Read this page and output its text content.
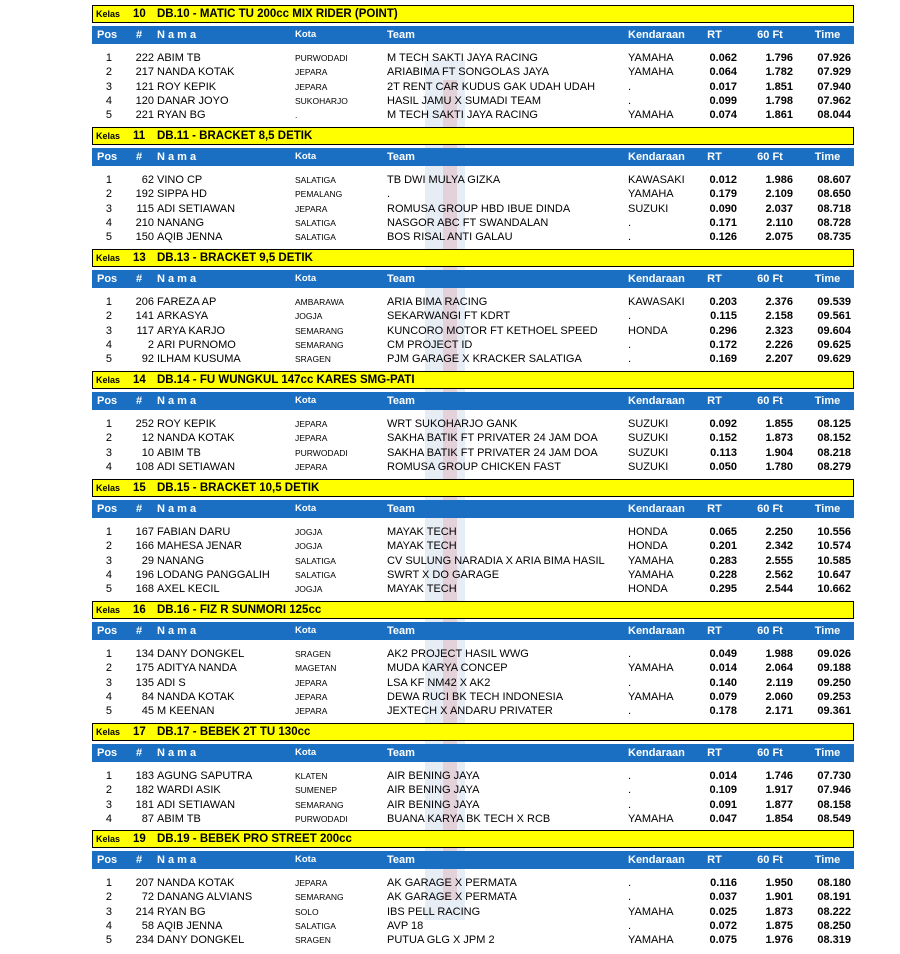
Kelas 10 DB.10 - MATIC TU 200cc MIX RIDER (POINT)
Pos # N a m a	Kota	Team	Kendaraan	RT	60 Ft	Time
1	222 ABIM TB	PURWODADI	M TECH SAKTI JAYA RACING	YAMAHA	0.062	1.796	07.926
2	217 NANDA KOTAK	JEPARA	ARIABIMA FT SONGOLAS JAYA	YAMAHA	0.064	1.782	07.929
3	121 ROY KEPIK	JEPARA	2T RENT CAR KUDUS GAK UDAH UDAH	.	0.017	1.851	07.940
4	120 DANAR JOYO	SUKOHARJO	HASIL JAMU X SUMADI TEAM	.	0.099	1.798	07.962
5	221 RYAN BG	.	M TECH SAKTI JAYA RACING	YAMAHA	0.074	1.861	08.044
Kelas 11 DB.11 - BRACKET 8,5 DETIK
Pos # N a m a	Kota	Team	Kendaraan	RT	60 Ft	Time
1	62 VINO CP	SALATIGA	TB DWI MULYA GIZKA	KAWASAKI	0.012	1.986	08.607
2	192 SIPPA HD	PEMALANG	.	YAMAHA	0.179	2.109	08.650
3	115 ADI SETIAWAN	JEPARA	ROMUSA GROUP HBD IBUE DINDA	SUZUKI	0.090	2.037	08.718
4	210 NANANG	SALATIGA	NASGOR ABC FT SWANDALAN	.	0.171	2.110	08.728
5	150 AQIB JENNA	SALATIGA	BOS RISAL ANTI GALAU	.	0.126	2.075	08.735
Kelas 13 DB.13 - BRACKET 9,5 DETIK
Pos # N a m a	Kota	Team	Kendaraan	RT	60 Ft	Time
1	206 FAREZA AP	AMBARAWA	ARIA BIMA RACING	KAWASAKI	0.203	2.376	09.539
2	141 ARKASYA	JOGJA	SEKARWANGI FT KDRT	.	0.115	2.158	09.561
3	117 ARYA KARJO	SEMARANG	KUNCORO MOTOR FT KETHOEL SPEED	HONDA	0.296	2.323	09.604
4	2 ARI PURNOMO	SEMARANG	CM PROJECT ID	.	0.172	2.226	09.625
5	92 ILHAM KUSUMA	SRAGEN	PJM GARAGE X KRACKER SALATIGA	.	0.169	2.207	09.629
Kelas 14 DB.14 - FU WUNGKUL 147cc KARES SMG-PATI
Pos # N a m a	Kota	Team	Kendaraan	RT	60 Ft	Time
1	252 ROY KEPIK	JEPARA	WRT SUKOHARJO GANK	SUZUKI	0.092	1.855	08.125
2	12 NANDA KOTAK	JEPARA	SAKHA BATIK FT PRIVATER 24 JAM DOA	SUZUKI	0.152	1.873	08.152
3	10 ABIM TB	PURWODADI	SAKHA BATIK FT PRIVATER 24 JAM DOA	SUZUKI	0.113	1.904	08.218
4	108 ADI SETIAWAN	JEPARA	ROMUSA GROUP CHICKEN FAST	SUZUKI	0.050	1.780	08.279
Kelas 15 DB.15 - BRACKET 10,5 DETIK
Pos # N a m a	Kota	Team	Kendaraan	RT	60 Ft	Time
1	167 FABIAN DARU	JOGJA	MAYAK TECH	HONDA	0.065	2.250	10.556
2	166 MAHESA JENAR	JOGJA	MAYAK TECH	HONDA	0.201	2.342	10.574
3	29 NANANG	SALATIGA	CV SULUNG NARADIA X ARIA BIMA HASIL YAMAHA	0.283	2.555	10.585
4	196 LODANG PANGGALIH	SALATIGA	SWRT X DO GARAGE	YAMAHA	0.228	2.562	10.647
5	168 AXEL KECIL	JOGJA	MAYAK TECH	HONDA	0.295	2.544	10.662
Kelas 16 DB.16 - FIZ R SUNMORI 125cc
Pos # N a m a	Kota	Team	Kendaraan	RT	60 Ft	Time
1	134 DANY DONGKEL	SRAGEN	AK2 PROJECT HASIL WWG	.	0.049	1.988	09.026
2	175 ADITYA NANDA	MAGETAN	MUDA KARYA CONCEP	YAMAHA	0.014	2.064	09.188
3	135 ADI S	JEPARA	LSA KF NM42 X AK2	.	0.140	2.119	09.250
4	84 NANDA KOTAK	JEPARA	DEWA RUCI BK TECH INDONESIA	YAMAHA	0.079	2.060	09.253
5	45 M KEENAN	JEPARA	JEXTECH X ANDARU PRIVATER	.	0.178	2.171	09.361
Kelas 17 DB.17 - BEBEK 2T TU 130cc
Pos # N a m a	Kota	Team	Kendaraan	RT	60 Ft	Time
1	183 AGUNG SAPUTRA	KLATEN	AIR BENING JAYA	.	0.014	1.746	07.730
2	182 WARDI ASIK	SUMENEP	AIR BENING JAYA	.	0.109	1.917	07.946
3	181 ADI SETIAWAN	SEMARANG	AIR BENING JAYA	.	0.091	1.877	08.158
4	87 ABIM TB	PURWODADI	BUANA KARYA BK TECH X RCB	YAMAHA	0.047	1.854	08.549
Kelas 19 DB.19 - BEBEK PRO STREET 200cc
Pos # N a m a	Kota	Team	Kendaraan	RT	60 Ft	Time
1	207 NANDA KOTAK	JEPARA	AK GARAGE X PERMATA	.	0.116	1.950	08.180
2	72 DANANG ALVIANS	SEMARANG	AK GARAGE X PERMATA	.	0.037	1.901	08.191
3	214 RYAN BG	SOLO	IBS PELL RACING	YAMAHA	0.025	1.873	08.222
4	58 AQIB JENNA	SALATIGA	AVP 18	.	0.072	1.875	08.250
5	234 DANY DONGKEL	SRAGEN	PUTUA GLG X JPM 2	YAMAHA	0.075	1.976	08.319
